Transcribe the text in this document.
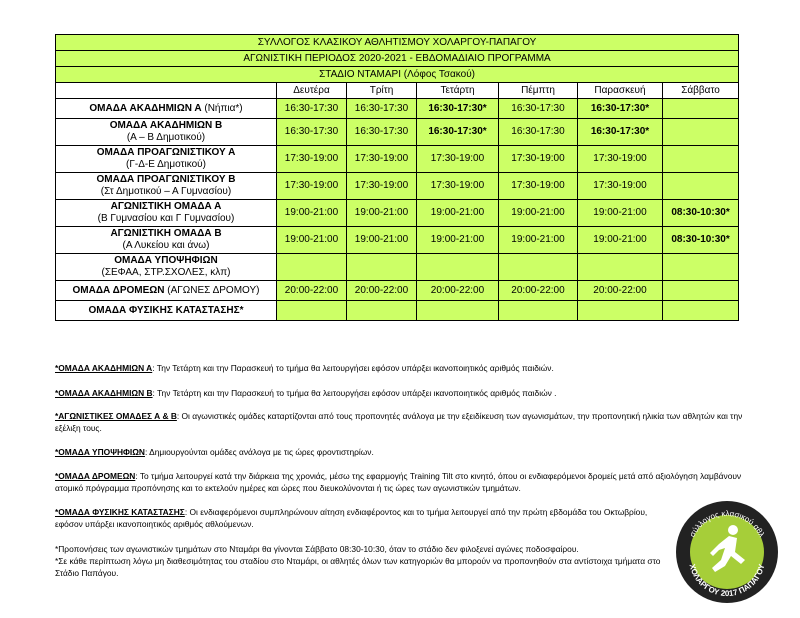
ΣΥΛΛΟΓΟΣ ΚΛΑΣΙΚΟΥ ΑΘΛΗΤΙΣΜΟΥ ΧΟΛΑΡΓΟΥ-ΠΑΠΑΓΟΥ						
ΑΓΩΝΙΣΤΙΚΗ ΠΕΡΙΟΔΟΣ 2020-2021 - ΕΒΔΟΜΑΔΙΑΙΟ ΠΡΟΓΡΑΜΜΑ						
ΣΤΑΔΙΟ ΝΤΑΜΑΡΙ (Λόφος Τσακού)						
	Δευτέρα	Τρίτη	Τετάρτη	Πέμπτη	Παρασκευή	Σάββατο
ΟΜΑΔΑ ΑΚΑΔΗΜΙΩΝ Α (Νήπια*)	16:30-17:30	16:30-17:30	16:30-17:30*	16:30-17:30	16:30-17:30*	
ΟΜΑΔΑ ΑΚΑΔΗΜΙΩΝ Β
(Α – Β Δημοτικού)	16:30-17:30	16:30-17:30	16:30-17:30*	16:30-17:30	16:30-17:30*	
ΟΜΑΔΑ ΠΡΟΑΓΩΝΙΣΤΙΚΟΥ Α
(Γ-Δ-Ε Δημοτικού)	17:30-19:00	17:30-19:00	17:30-19:00	17:30-19:00	17:30-19:00	
ΟΜΑΔΑ ΠΡΟΑΓΩΝΙΣΤΙΚΟΥ Β
(Στ Δημοτικού – Α Γυμνασίου)	17:30-19:00	17:30-19:00	17:30-19:00	17:30-19:00	17:30-19:00	
ΑΓΩΝΙΣΤΙΚΗ ΟΜΑΔΑ Α
(Β Γυμνασίου και Γ Γυμνασίου)	19:00-21:00	19:00-21:00	19:00-21:00	19:00-21:00	19:00-21:00	08:30-10:30*
ΑΓΩΝΙΣΤΙΚΗ ΟΜΑΔΑ Β
(Α Λυκείου και άνω)	19:00-21:00	19:00-21:00	19:00-21:00	19:00-21:00	19:00-21:00	08:30-10:30*
ΟΜΑΔΑ ΥΠΟΨΗΦΙΩΝ
(ΣΕΦΑΑ, ΣΤΡ.ΣΧΟΛΕΣ, κλπ)						
ΟΜΑΔΑ ΔΡΟΜΕΩΝ (ΑΓΩΝΕΣ ΔΡΟΜΟΥ)	20:00-22:00	20:00-22:00	20:00-22:00	20:00-22:00	20:00-22:00	
ΟΜΑΔΑ ΦΥΣΙΚΗΣ ΚΑΤΑΣΤΑΣΗΣ*						

*ΟΜΑΔΑ ΑΚΑΔΗΜΙΩΝ Α: Την Τετάρτη και την Παρασκευή το τμήμα θα λειτουργήσει εφόσον υπάρξει ικανοποιητικός αριθμός παιδιών.

*ΟΜΑΔΑ ΑΚΑΔΗΜΙΩΝ Β: Την Τετάρτη και την Παρασκευή το τμήμα θα λειτουργήσει εφόσον υπάρξει ικανοποιητικός αριθμός παιδιών .

*ΑΓΩΝΙΣΤΙΚΕΣ ΟΜΑΔΕΣ Α & Β: Οι αγωνιστικές ομάδες καταρτίζονται από τους προπονητές ανάλογα με την εξειδίκευση των αγωνισμάτων, την προπονητική ηλικία των αθλητών και την εξέλιξη τους.

*ΟΜΑΔΑ ΥΠΟΨΗΦΙΩΝ: Δημιουργούνται ομάδες ανάλογα με τις ώρες φροντιστηρίων.

*ΟΜΑΔΑ ΔΡΟΜΕΩΝ: Το τμήμα λειτουργεί κατά την διάρκεια της χρονιάς, μέσω της εφαρμογής Training Tilt στο κινητό, όπου οι ενδιαφερόμενοι δρομείς μετά από αξιολόγηση λαμβάνουν ατομικό πρόγραμμα προπόνησης και το εκτελούν ημέρες και ώρες που διευκολύνονται ή τις ώρες των αγωνιστικών τμημάτων.

*ΟΜΑΔΑ ΦΥΣΙΚΗΣ ΚΑΤΑΣΤΑΣΗΣ: Οι ενδιαφερόμενοι συμπληρώνουν αίτηση ενδιαφέροντος και το τμήμα λειτουργεί από την πρώτη εβδομάδα του Οκτωβρίου, εφόσον υπάρξει ικανοποιητικός αριθμός αθλούμενων.

*Προπονήσεις των αγωνιστικών τμημάτων στο Νταμάρι θα γίνονται Σάββατο 08:30-10:30, όταν το στάδιο δεν φιλοξενεί αγώνες ποδοσφαίρου.

*Σε κάθε περίπτωση λόγω μη διαθεσιμότητας του σταδίου στο Νταμάρι, οι αθλητές όλων των κατηγοριών θα μπορούν να προπονηθούν στα αντίστοιχα τμήματα στο Στάδιο Παπάγου.

σύλλογος κλασικού αθλ
ΧΟΛΑΡΓΟΥ 2017 ΠΑΠΑΓΟΥ
